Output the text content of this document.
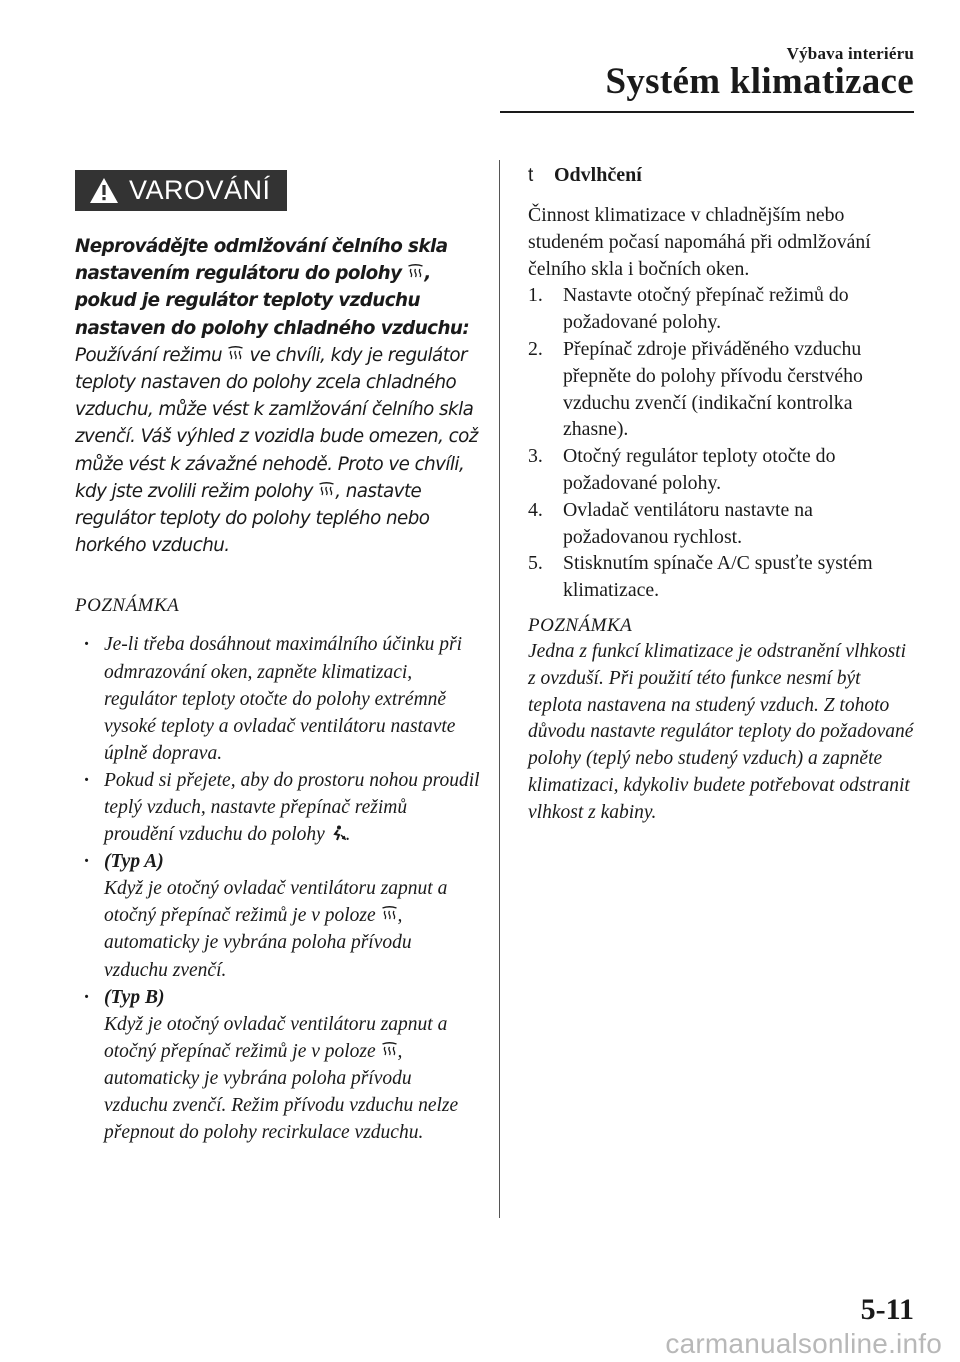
Výbava interiéru
Systém klimatizace
VAROVÁNÍ
Neprovádějte odmlžování čelního skla nastavením regulátoru do polohy , pokud je regulátor teploty vzduchu nastaven do polohy chladného vzduchu:
Používání režimu  ve chvíli, kdy je regulátor teploty nastaven do polohy zcela chladného vzduchu, může vést k zamlžování čelního skla zvenčí. Váš výhled z vozidla bude omezen, což může vést k závažné nehodě. Proto ve chvíli, kdy jste zvolili režim polohy , nastavte regulátor teploty do polohy teplého nebo horkého vzduchu.
POZNÁMKA
· Je-li třeba dosáhnout maximálního účinku při odmrazování oken, zapněte klimatizaci, regulátor teploty otočte do polohy extrémně vysoké teploty a ovladač ventilátoru nastavte úplně doprava.
· Pokud si přejete, aby do prostoru nohou proudil teplý vzduch, nastavte přepínač režimů proudění vzduchu do polohy .
· (Typ A)
Když je otočný ovladač ventilátoru zapnut a otočný přepínač režimů je v poloze , automaticky je vybrána poloha přívodu vzduchu zvenčí.
· (Typ B)
Když je otočný ovladač ventilátoru zapnut a otočný přepínač režimů je v poloze , automaticky je vybrána poloha přívodu vzduchu zvenčí. Režim přívodu vzduchu nelze přepnout do polohy recirkulace vzduchu.
t Odvlhčení
Činnost klimatizace v chladnějším nebo studeném počasí napomáhá při odmlžování čelního skla i bočních oken.
1. Nastavte otočný přepínač režimů do požadované polohy.
2. Přepínač zdroje přiváděného vzduchu přepněte do polohy přívodu čerstvého vzduchu zvenčí (indikační kontrolka zhasne).
3. Otočný regulátor teploty otočte do požadované polohy.
4. Ovladač ventilátoru nastavte na požadovanou rychlost.
5. Stisknutím spínače A/C spusťte systém klimatizace.
POZNÁMKA
Jedna z funkcí klimatizace je odstranění vlhkosti z ovzduší. Při použití této funkce nesmí být teplota nastavena na studený vzduch. Z tohoto důvodu nastavte regulátor teploty do požadované polohy (teplý nebo studený vzduch) a zapněte klimatizaci, kdykoliv budete potřebovat odstranit vlhkost z kabiny.
5-11
carmanualsonline.info
